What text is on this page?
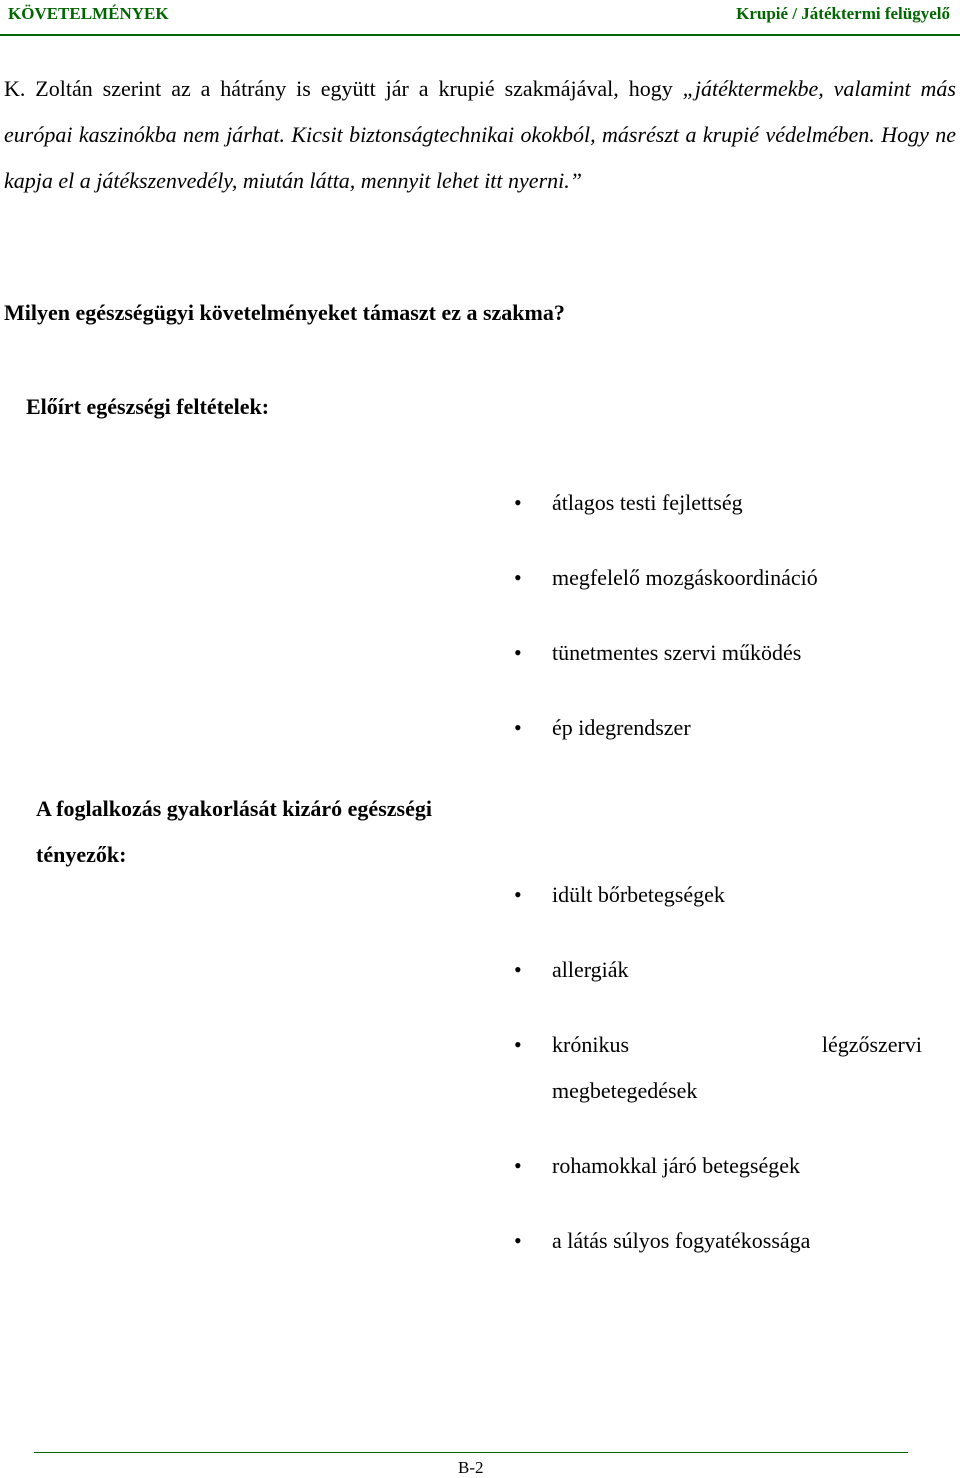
KÖVETELMÉNYEK	Krupié / Játéktermi felügyelő
K. Zoltán szerint az a hátrány is együtt jár a krupié szakmájával, hogy „játéktermekbe, valamint más európai kaszinókba nem járhat. Kicsit biztonságtechnikai okokból, másrészt a krupié védelmében. Hogy ne kapja el a játékszenvedély, miután látta, mennyit lehet itt nyerni.”
Milyen egészségügyi követelményeket támaszt ez a szakma?
Előírt egészségi feltételek:
•	átlagos testi fejlettség
•	megfelelő mozgáskoordináció
•	tünetmentes szervi működés
•	ép idegrendszer
A foglalkozás gyakorlását kizáró egészségi tényezők:
•	idült bőrbetegségek
•	allergiák
• krónikus	légzőszervi
megbetegedések
•	rohamokkal járó betegségek
•	a látás súlyos fogyatékossága
B-2
